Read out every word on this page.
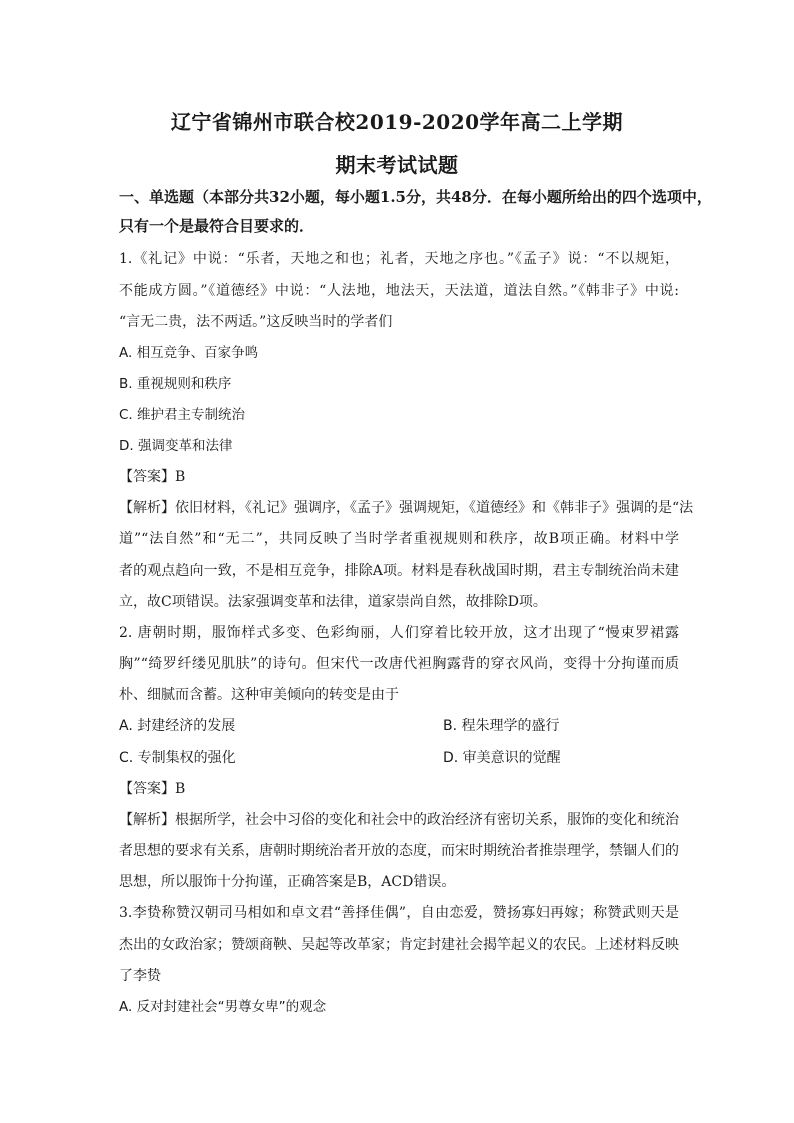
辽宁省锦州市联合校2019-2020学年高二上学期
期末考试试题
一、单选题（本部分共32小题，每小题1.5分，共48分．在每小题所给出的四个选项中，
只有一个是最符合目要求的．
1.《礼记》中说：“乐者，天地之和也；礼者，天地之序也。”《孟子》说：“不以规矩，
不能成方圆。”《道德经》中说：“人法地，地法天，天法道，道法自然。”《韩非子》中说:
“言无二贵，法不两适。”这反映当时的学者们
A. 相互竞争、百家争鸣
B. 重视规则和秩序
C. 维护君主专制统治
D. 强调变革和法律
【答案】B
【解析】依旧材料，《礼记》强调序，《孟子》强调规矩，《道德经》和《韩非子》强调的是“法
道”“法自然”和“无二”，共同反映了当时学者重视规则和秩序，故B项正确。材料中学
者的观点趋向一致，不是相互竞争，排除A项。材料是春秋战国时期，君主专制统治尚未建
立，故C项错误。法家强调变革和法律，道家崇尚自然，故排除D项。
2. 唐朝时期，服饰样式多变、色彩绚丽，人们穿着比较开放，这才出现了“慢束罗裙露
胸”“绮罗纤缕见肌肤”的诗句。但宋代一改唐代袒胸露背的穿衣风尚，变得十分拘谨而质
朴、细腻而含蓄。这种审美倾向的转变是由于
A. 封建经济的发展	B. 程朱理学的盛行
C. 专制集权的强化	D. 审美意识的觉醒
【答案】B
【解析】根据所学，社会中习俗的变化和社会中的政治经济有密切关系，服饰的变化和统治
者思想的要求有关系，唐朝时期统治者开放的态度，而宋时期统治者推崇理学，禁锢人们的
思想，所以服饰十分拘谨，正确答案是B，ACD错误。
3.李贽称赞汉朝司马相如和卓文君“善择佳偶”，自由恋爱，赞扬寡妇再嫁；称赞武则天是
杰出的女政治家；赞颂商鞅、吴起等改革家；肯定封建社会揭竿起义的农民。上述材料反映
了李贽
A. 反对封建社会“男尊女卑”的观念
